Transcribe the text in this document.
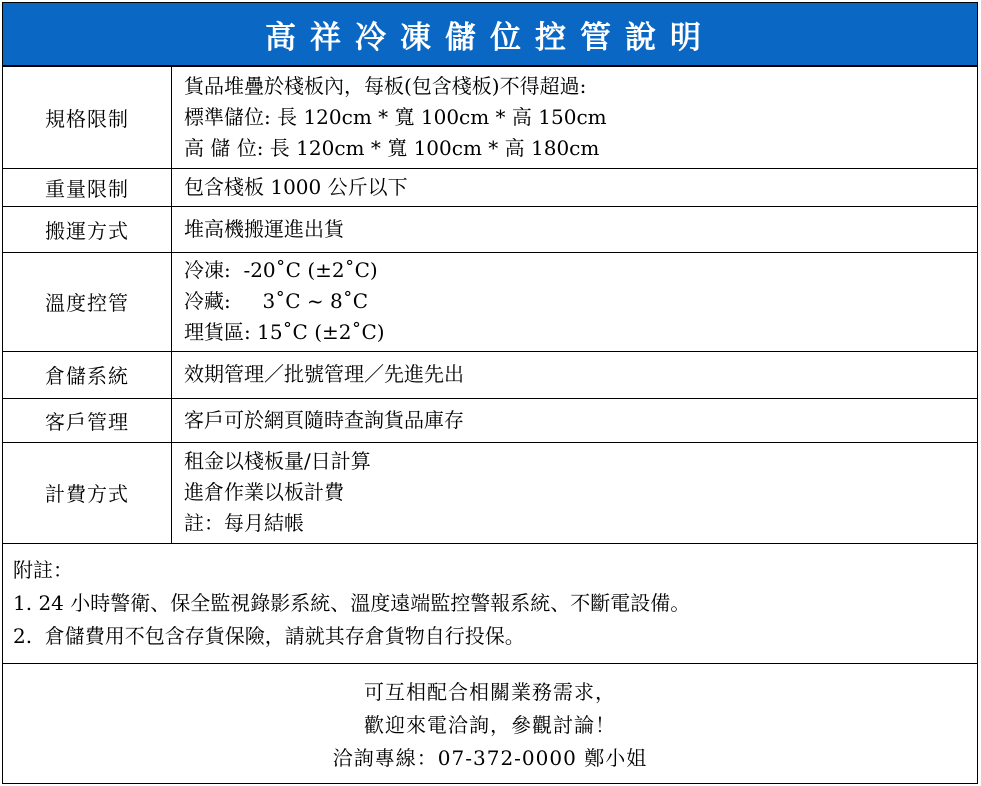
高祥冷凍儲位控管說明
規格限制	貨品堆疊於棧板內，每板(包含棧板)不得超過:
標準儲位: 長 120cm * 寬 100cm * 高 150cm
高 儲 位: 長 120cm * 寬 100cm * 高 180cm

重量限制	包含棧板 1000 公斤以下

搬運方式	堆高機搬運進出貨

溫度控管	冷凍:  -20˚C (±2˚C)
冷藏:     3˚C ~ 8˚C
理貨區: 15˚C (±2˚C)

倉儲系統	效期管理／批號管理／先進先出

客戶管理	客戶可於網頁隨時查詢貨品庫存

計費方式	租金以棧板量/日計算
進倉作業以板計費
註：每月結帳
附註：
1. 24 小時警衛、保全監視錄影系統、溫度遠端監控警報系統、不斷電設備。
2.  倉儲費用不包含存貨保險，請就其存倉貨物自行投保。
可互相配合相關業務需求，
歡迎來電洽詢，參觀討論！
洽詢專線：07-372-0000 鄭小姐
